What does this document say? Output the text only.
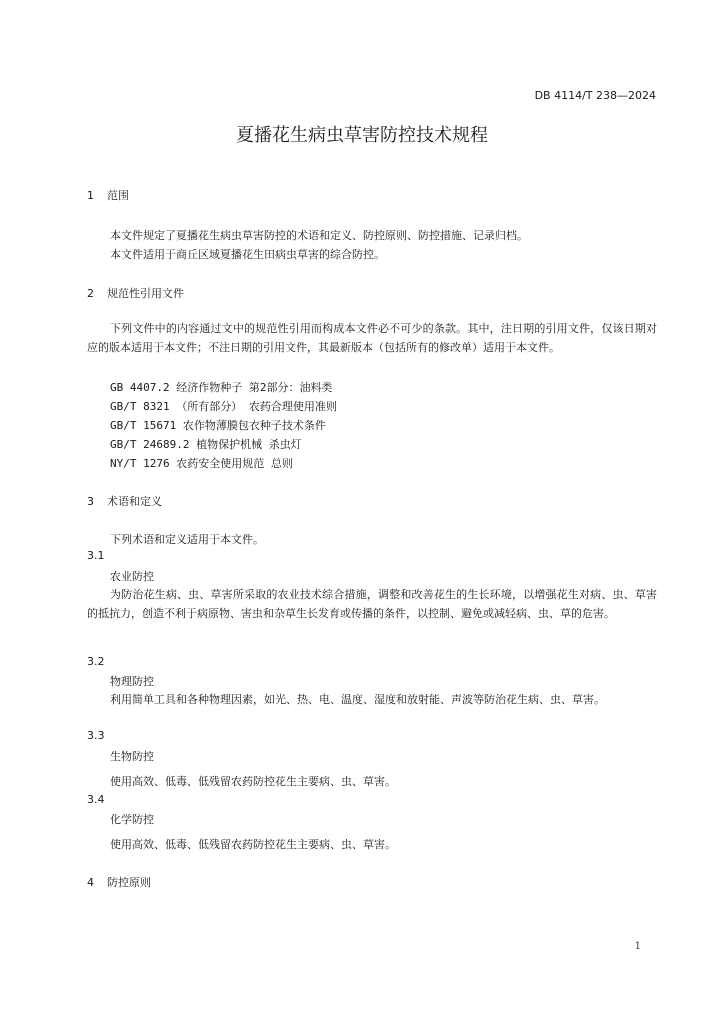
DB 4114/T 238—2024
夏播花生病虫草害防控技术规程
1 范围
本文件规定了夏播花生病虫草害防控的术语和定义、防控原则、防控措施、记录归档。
本文件适用于商丘区域夏播花生田病虫草害的综合防控。
2 规范性引用文件
下列文件中的内容通过文中的规范性引用而构成本文件必不可少的条款。其中，注日期的引用文件，仅该日期对应的版本适用于本文件；不注日期的引用文件，其最新版本（包括所有的修改单）适用于本文件。
GB 4407.2 经济作物种子 第2部分：油料类
GB/T 8321 （所有部分） 农药合理使用准则
GB/T 15671 农作物薄膜包衣种子技术条件
GB/T 24689.2 植物保护机械 杀虫灯
NY/T 1276 农药安全使用规范 总则
3 术语和定义
下列术语和定义适用于本文件。
3.1
农业防控
为防治花生病、虫、草害所采取的农业技术综合措施，调整和改善花生的生长环境，以增强花生对病、虫、草害的抵抗力，创造不利于病原物、害虫和杂草生长发育或传播的条件，以控制、避免或减轻病、虫、草的危害。
3.2
物理防控
利用简单工具和各种物理因素，如光、热、电、温度、湿度和放射能、声波等防治花生病、虫、草害。
3.3
生物防控
使用高效、低毒、低残留农药防控花生主要病、虫、草害。
3.4
化学防控
使用高效、低毒、低残留农药防控花生主要病、虫、草害。
4 防控原则
1
